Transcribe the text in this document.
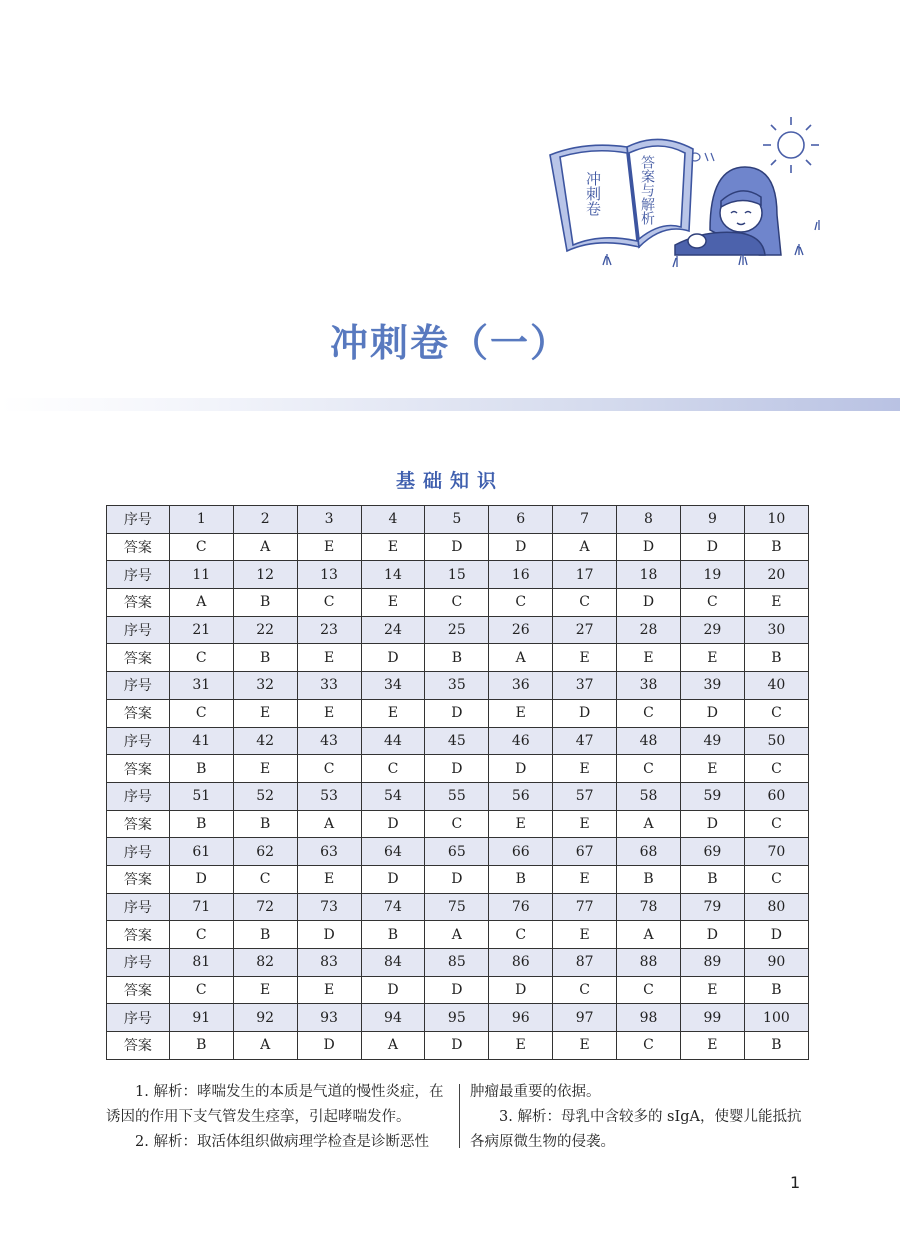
冲刺卷	答案与解析
冲刺卷（一）
基础知识
序号	1	2	3	4	5	6	7	8	9	10
答案	C	A	E	E	D	D	A	D	D	B
序号	11	12	13	14	15	16	17	18	19	20
答案	A	B	C	E	C	C	C	D	C	E
序号	21	22	23	24	25	26	27	28	29	30
答案	C	B	E	D	B	A	E	E	E	B
序号	31	32	33	34	35	36	37	38	39	40
答案	C	E	E	E	D	E	D	C	D	C
序号	41	42	43	44	45	46	47	48	49	50
答案	B	E	C	C	D	D	E	C	E	C
序号	51	52	53	54	55	56	57	58	59	60
答案	B	B	A	D	C	E	E	A	D	C
序号	61	62	63	64	65	66	67	68	69	70
答案	D	C	E	D	D	B	E	B	B	C
序号	71	72	73	74	75	76	77	78	79	80
答案	C	B	D	B	A	C	E	A	D	D
序号	81	82	83	84	85	86	87	88	89	90
答案	C	E	E	D	D	D	C	C	E	B
序号	91	92	93	94	95	96	97	98	99	100
答案	B	A	D	A	D	E	E	C	E	B

1. 解析：哮喘发生的本质是气道的慢性炎症，在诱因的作用下支气管发生痉挛，引起哮喘发作。

2. 解析：取活体组织做病理学检查是诊断恶性

肿瘤最重要的依据。

3. 解析：母乳中含较多的 sIgA，使婴儿能抵抗各病原微生物的侵袭。

1
